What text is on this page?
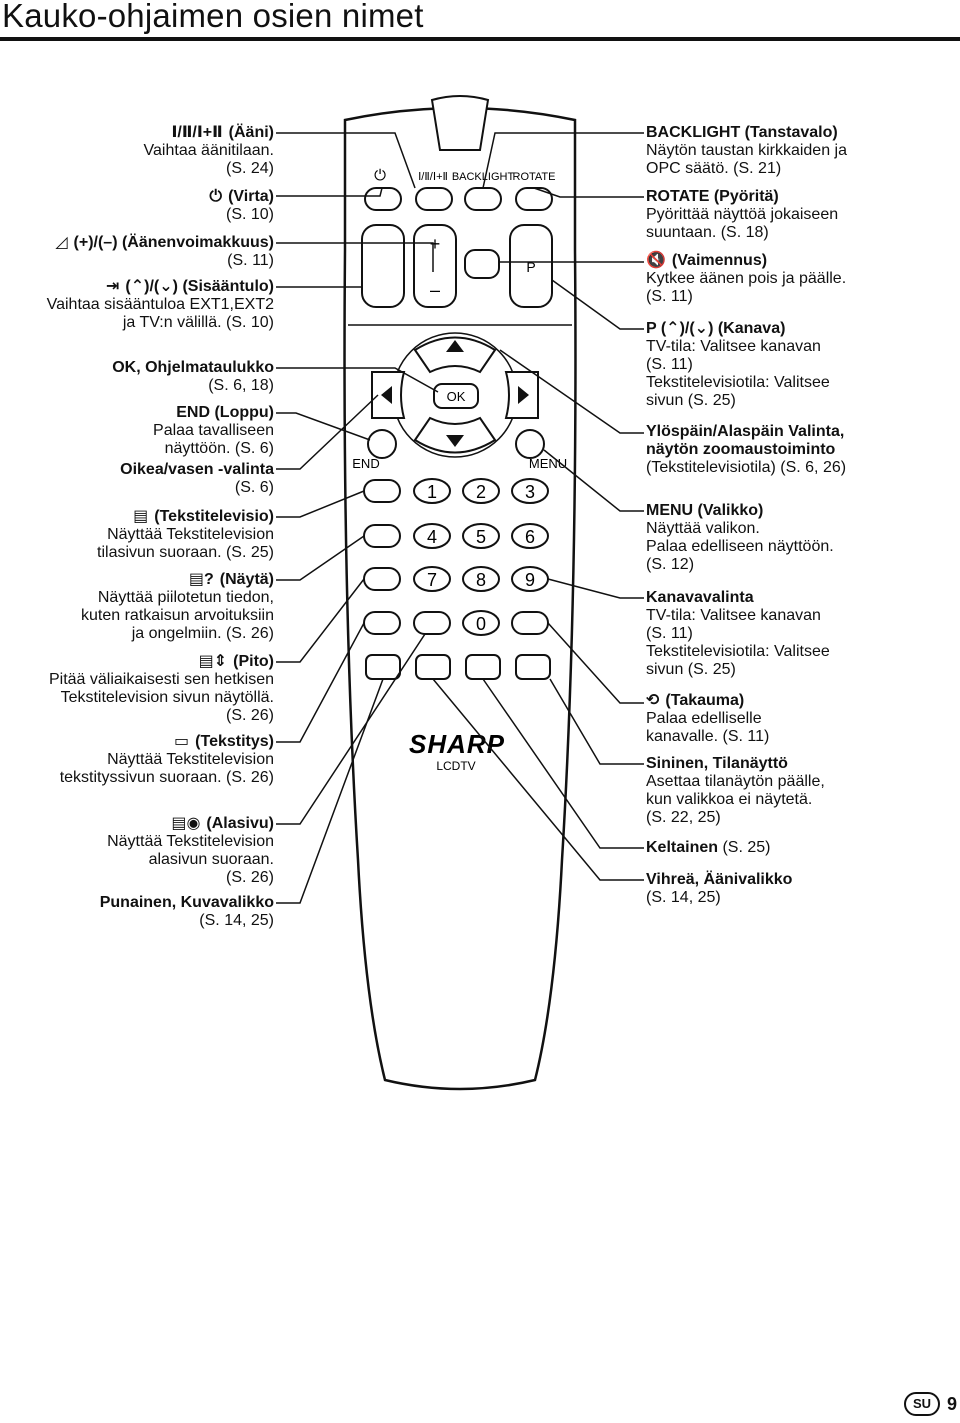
Kauko-ohjaimen osien nimet
⏻	Ⅰ/Ⅱ/Ⅰ+Ⅱ BACKLIGHT
ROTATE
+
–
P
OK
END	MENU
1 2 3
4 5 6
7 8 9
0
SHARP
LCDTV
Ⅰ/Ⅱ/Ⅰ+Ⅱ (Ääni)
Vaihtaa äänitilaan.
(S. 24)
⏻ (Virta)
(S. 10)
◿ (+)/(–) (Äänenvoimakkuus)
(S. 11)
⇥ (⌃)/(⌄) (Sisääntulo)
Vaihtaa sisääntuloa EXT1,EXT2
ja TV:n välillä. (S. 10)
OK, Ohjelmataulukko
(S. 6, 18)
END (Loppu)
Palaa tavalliseen
näyttöön. (S. 6)
Oikea/vasen -valinta
(S. 6)
▤ (Tekstitelevisio)
Näyttää Tekstitelevision
tilasivun suoraan. (S. 25)
▤? (Näytä)
Näyttää piilotetun tiedon,
kuten ratkaisun arvoituksiin
ja ongelmiin. (S. 26)
▤⇕ (Pito)
Pitää väliaikaisesti sen hetkisen
Tekstitelevision sivun näytöllä.
(S. 26)
▭ (Tekstitys)
Näyttää Tekstitelevision
tekstityssivun suoraan. (S. 26)
▤◉ (Alasivu)
Näyttää Tekstitelevision
alasivun suoraan.
(S. 26)
Punainen, Kuvavalikko
(S. 14, 25)
BACKLIGHT (Tanstavalo)
Näytön taustan kirkkaiden ja
OPC säätö. (S. 21)
ROTATE (Pyöritä)
Pyörittää näyttöä jokaiseen
suuntaan. (S. 18)
🔇 (Vaimennus)
Kytkee äänen pois ja päälle.
(S. 11)
P (⌃)/(⌄) (Kanava)
TV-tila: Valitsee kanavan
(S. 11)
Tekstitelevisiotila: Valitsee
sivun (S. 25)
Ylöspäin/Alaspäin Valinta,
näytön zoomaustoiminto
(Tekstitelevisiotila) (S. 6, 26)
MENU (Valikko)
Näyttää valikon.
Palaa edelliseen näyttöön.
(S. 12)
Kanavavalinta
TV-tila: Valitsee kanavan
(S. 11)
Tekstitelevisiotila: Valitsee
sivun (S. 25)
⟲ (Takauma)
Palaa edelliselle
kanavalle. (S. 11)
Sininen, Tilanäyttö
Asettaa tilanäytön päälle,
kun valikkoa ei näytetä.
(S. 22, 25)
Keltainen (S. 25)
Vihreä, Äänivalikko
(S. 14, 25)
SU 9
